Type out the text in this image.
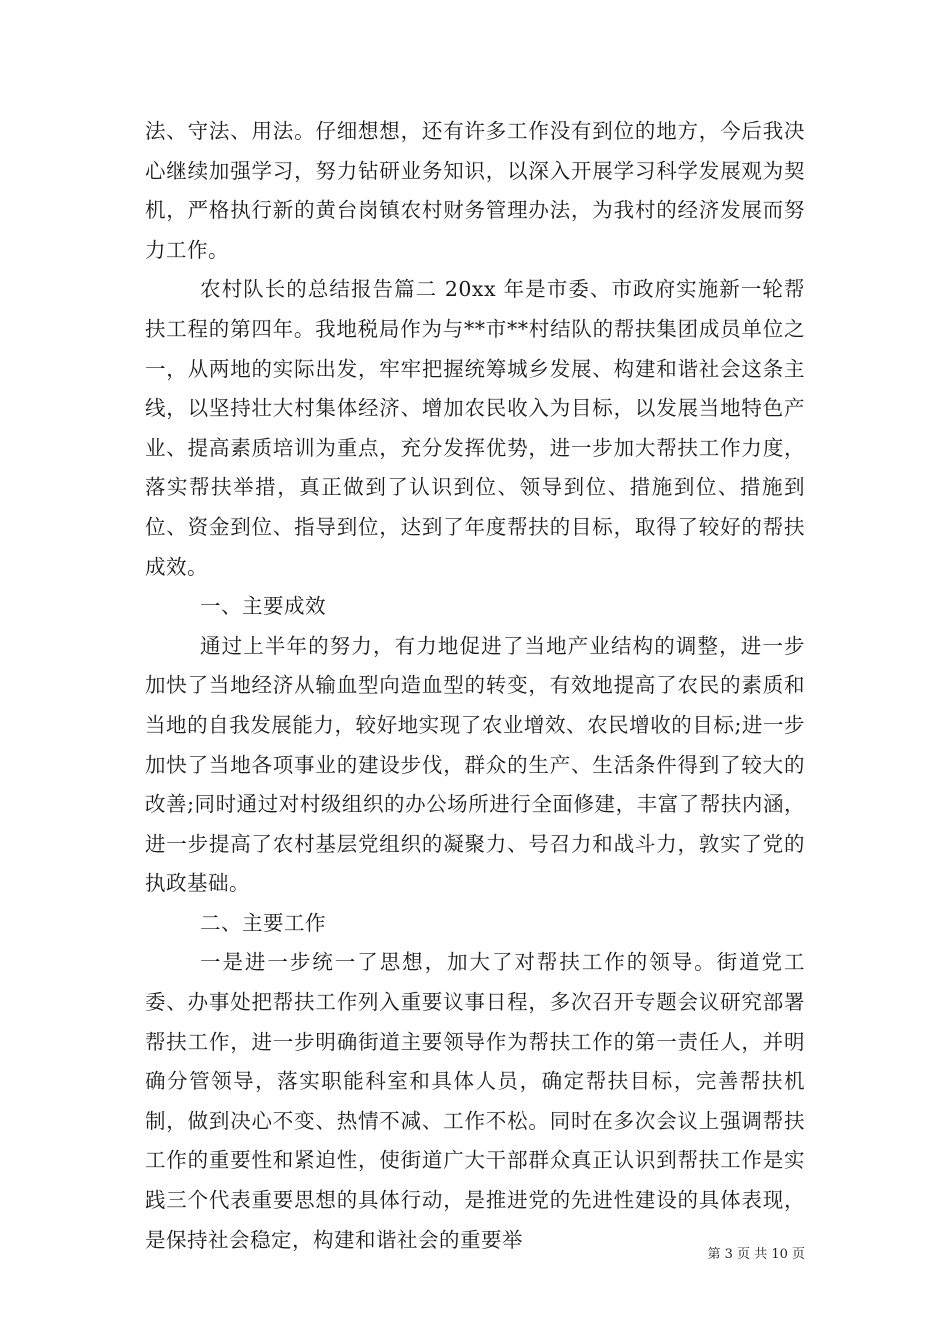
法、守法、用法。仔细想想，还有许多工作没有到位的地方，今后我决心继续加强学习，努力钻研业务知识，以深入开展学习科学发展观为契机，严格执行新的黄台岗镇农村财务管理办法，为我村的经济发展而努力工作。

农村队长的总结报告篇二 20xx 年是市委、市政府实施新一轮帮扶工程的第四年。我地税局作为与**市**村结队的帮扶集团成员单位之一，从两地的实际出发，牢牢把握统筹城乡发展、构建和谐社会这条主线，以坚持壮大村集体经济、增加农民收入为目标，以发展当地特色产业、提高素质培训为重点，充分发挥优势，进一步加大帮扶工作力度，落实帮扶举措，真正做到了认识到位、领导到位、措施到位、措施到位、资金到位、指导到位，达到了年度帮扶的目标，取得了较好的帮扶成效。

一、主要成效

通过上半年的努力，有力地促进了当地产业结构的调整，进一步加快了当地经济从输血型向造血型的转变，有效地提高了农民的素质和当地的自我发展能力，较好地实现了农业增效、农民增收的目标;进一步加快了当地各项事业的建设步伐，群众的生产、生活条件得到了较大的改善;同时通过对村级组织的办公场所进行全面修建，丰富了帮扶内涵，进一步提高了农村基层党组织的凝聚力、号召力和战斗力，敦实了党的执政基础。

二、主要工作

一是进一步统一了思想，加大了对帮扶工作的领导。街道党工委、办事处把帮扶工作列入重要议事日程，多次召开专题会议研究部署帮扶工作，进一步明确街道主要领导作为帮扶工作的第一责任人，并明确分管领导，落实职能科室和具体人员，确定帮扶目标，完善帮扶机制，做到决心不变、热情不减、工作不松。同时在多次会议上强调帮扶工作的重要性和紧迫性，使街道广大干部群众真正认识到帮扶工作是实践三个代表重要思想的具体行动，是推进党的先进性建设的具体表现，是保持社会稳定，构建和谐社会的重要举

第 3 页 共 10 页
